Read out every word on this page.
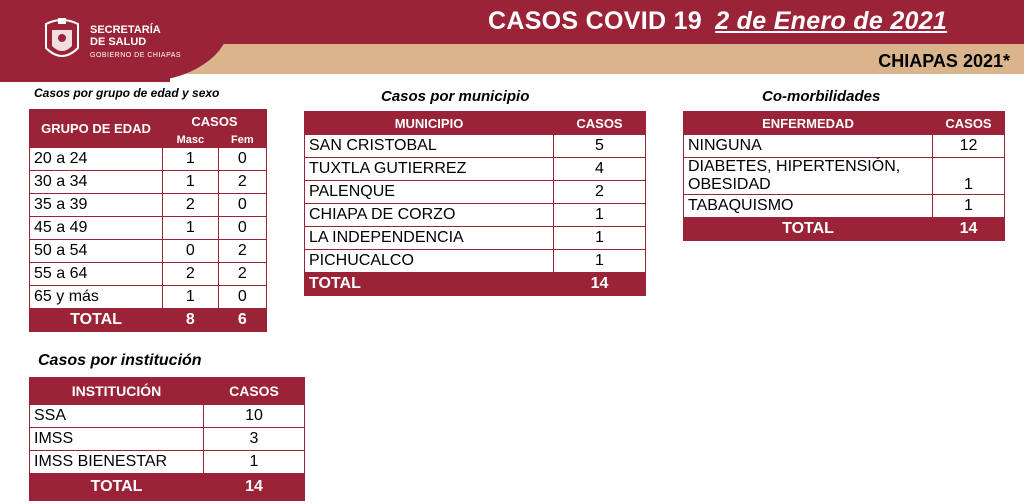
SECRETARÍA
DE SALUD
GOBIERNO DE CHIAPAS
CASOS COVID 19 2 de Enero de 2021
CHIAPAS 2021*
Casos por grupo de edad y sexo
GRUPO DE EDAD	CASOS	
	Masc	Fem
20 a 24	1	0
30 a 34	1	2
35 a 39	2	0
45 a 49	1	0
50 a 54	0	2
55 a 64	2	2
65 y más	1	0
TOTAL	8	6
Casos por municipio
MUNICIPIO	CASOS
SAN CRISTOBAL	5
TUXTLA GUTIERREZ	4
PALENQUE	2
CHIAPA DE CORZO	1
LA INDEPENDENCIA	1
PICHUCALCO	1
TOTAL	14
Co-morbilidades
ENFERMEDAD	CASOS
NINGUNA	12

DIABETES, HIPERTENSIÓN,
OBESIDAD	1
TABAQUISMO	1
TOTAL	14
Casos por institución
INSTITUCIÓN	CASOS
SSA	10
IMSS	3
IMSS BIENESTAR	1
TOTAL	14
